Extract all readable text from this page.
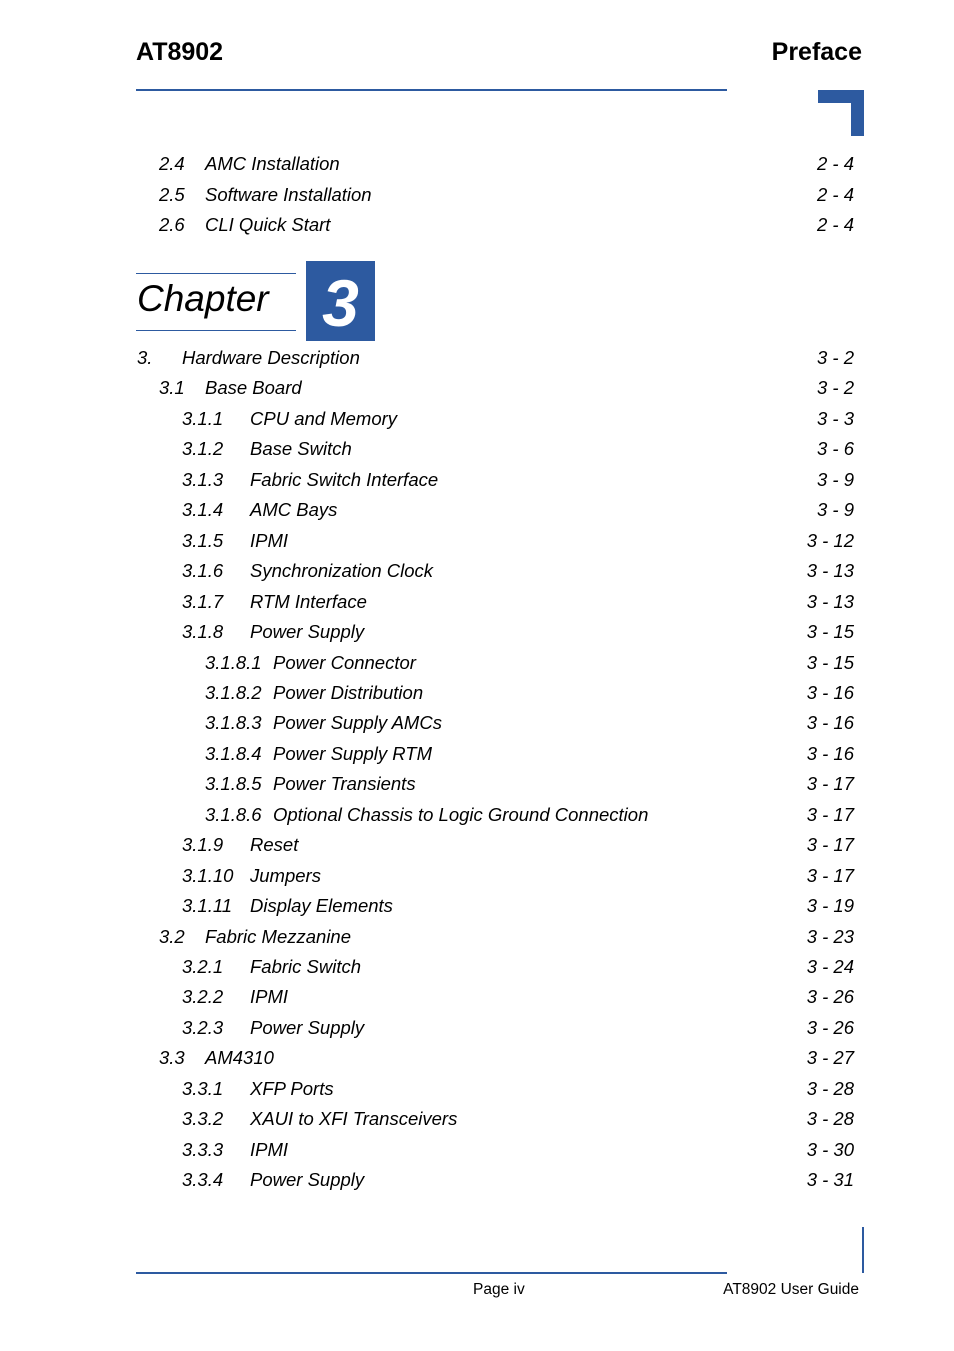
AT8902	Preface
2.4	AMC Installation	2 - 4
2.5	Software Installation	2 - 4
2.6	CLI Quick Start	2 - 4
Chapter 3
3.	Hardware Description	3 - 2
3.1	Base Board	3 - 2
3.1.1	CPU and Memory	3 - 3
3.1.2	Base Switch	3 - 6
3.1.3	Fabric Switch Interface	3 - 9
3.1.4	AMC Bays	3 - 9
3.1.5	IPMI	3 - 12
3.1.6	Synchronization Clock	3 - 13
3.1.7	RTM Interface	3 - 13
3.1.8	Power Supply	3 - 15
3.1.8.1 Power Connector	3 - 15
3.1.8.2 Power Distribution	3 - 16
3.1.8.3 Power Supply AMCs	3 - 16
3.1.8.4 Power Supply RTM	3 - 16
3.1.8.5 Power Transients	3 - 17
3.1.8.6 Optional Chassis to Logic Ground Connection	3 - 17
3.1.9	Reset	3 - 17
3.1.10 Jumpers	3 - 17
3.1.11 Display Elements	3 - 19
3.2	Fabric Mezzanine	3 - 23
3.2.1	Fabric Switch	3 - 24
3.2.2	IPMI	3 - 26
3.2.3	Power Supply	3 - 26
3.3	AM4310	3 - 27
3.3.1	XFP Ports	3 - 28
3.3.2	XAUI to XFI Transceivers	3 - 28
3.3.3	IPMI	3 - 30
3.3.4	Power Supply	3 - 31
Page iv	AT8902 User Guide
